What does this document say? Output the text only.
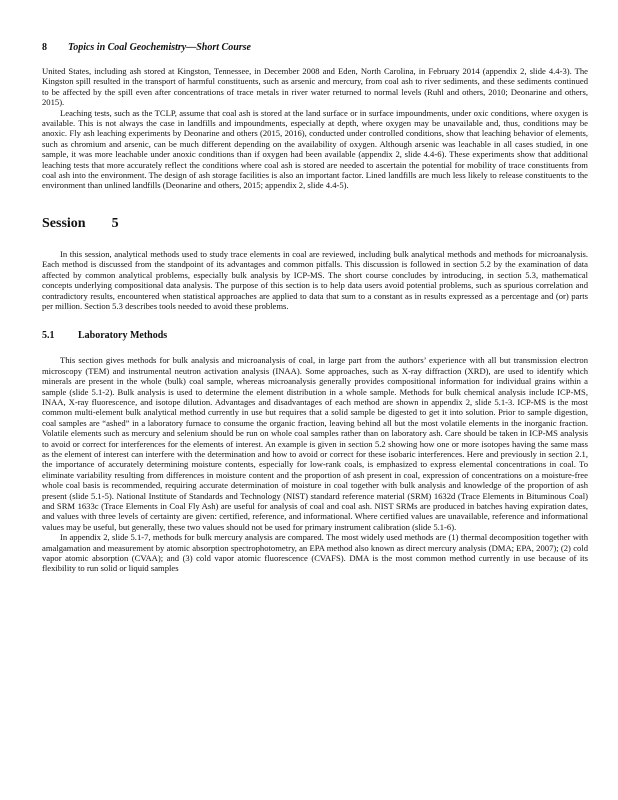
8 Topics in Coal Geochemistry—Short Course

United States, including ash stored at Kingston, Tennessee, in December 2008 and Eden, North Carolina, in February 2014 (appendix 2, slide 4.4-3). The Kingston spill resulted in the transport of harmful constituents, such as arsenic and mercury, from coal ash to river sediments, and these sediments continued to be affected by the spill even after concentrations of trace metals in river water returned to normal levels (Ruhl and others, 2010; Deonarine and others, 2015).

Leaching tests, such as the TCLP, assume that coal ash is stored at the land surface or in surface impoundments, under oxic conditions, where oxygen is available. This is not always the case in landfills and impoundments, especially at depth, where oxygen may be unavailable and, thus, conditions may be anoxic. Fly ash leaching experiments by Deonarine and others (2015, 2016), conducted under controlled conditions, show that leaching behavior of elements, such as chromium and arsenic, can be much different depending on the availability of oxygen. Although arsenic was leachable in all cases studied, in one sample, it was more leachable under anoxic conditions than if oxygen had been available (appendix 2, slide 4.4-6). These experiments show that additional leaching tests that more accurately reflect the conditions where coal ash is stored are needed to ascertain the potential for mobility of trace constituents from coal ash into the environment. The design of ash storage facilities is also an important factor. Lined landfills are much less likely to release constituents to the environment than unlined landfills (Deonarine and others, 2015; appendix 2, slide 4.4-5).

Session 5

In this session, analytical methods used to study trace elements in coal are reviewed, including bulk analytical methods and methods for microanalysis. Each method is discussed from the standpoint of its advantages and common pitfalls. This discussion is followed in section 5.2 by the examination of data affected by common analytical problems, especially bulk analysis by ICP-MS. The short course concludes by introducing, in section 5.3, mathematical concepts underlying compositional data analysis. The purpose of this section is to help data users avoid potential problems, such as spurious correlation and contradictory results, encountered when statistical approaches are applied to data that sum to a constant as in results expressed as a percentage and (or) parts per million. Section 5.3 describes tools needed to avoid these problems.

5.1 Laboratory Methods

This section gives methods for bulk analysis and microanalysis of coal, in large part from the authors’ experience with all but transmission electron microscopy (TEM) and instrumental neutron activation analysis (INAA). Some approaches, such as X-ray diffraction (XRD), are used to identify which minerals are present in the whole (bulk) coal sample, whereas microanalysis generally provides compositional information for individual grains within a sample (slide 5.1-2). Bulk analysis is used to determine the element distribution in a whole sample. Methods for bulk chemical analysis include ICP-MS, INAA, X-ray fluorescence, and isotope dilution. Advantages and disadvantages of each method are shown in appendix 2, slide 5.1-3. ICP-MS is the most common multi-element bulk analytical method currently in use but requires that a solid sample be digested to get it into solution. Prior to sample digestion, coal samples are “ashed” in a laboratory furnace to consume the organic fraction, leaving behind all but the most volatile elements in the inorganic fraction. Volatile elements such as mercury and selenium should be run on whole coal samples rather than on laboratory ash. Care should be taken in ICP-MS analysis to avoid or correct for interferences for the elements of interest. An example is given in section 5.2 showing how one or more isotopes having the same mass as the element of interest can interfere with the determination and how to avoid or correct for these isobaric interferences. Here and previously in section 2.1, the importance of accurately determining moisture contents, especially for low-rank coals, is emphasized to express elemental concentrations in coal. To eliminate variability resulting from differences in moisture content and the proportion of ash present in coal, expression of concentrations on a moisture-free whole coal basis is recommended, requiring accurate determination of moisture in coal together with bulk analysis and knowledge of the proportion of ash present (slide 5.1-5). National Institute of Standards and Technology (NIST) standard reference material (SRM) 1632d (Trace Elements in Bituminous Coal) and SRM 1633c (Trace Elements in Coal Fly Ash) are useful for analysis of coal and coal ash. NIST SRMs are produced in batches having expiration dates, and values with three levels of certainty are given: certified, reference, and informational. Where certified values are unavailable, reference and informational values may be useful, but generally, these two values should not be used for primary instrument calibration (slide 5.1-6).

In appendix 2, slide 5.1-7, methods for bulk mercury analysis are compared. The most widely used methods are (1) thermal decomposition together with amalgamation and measurement by atomic absorption spectrophotometry, an EPA method also known as direct mercury analysis (DMA; EPA, 2007); (2) cold vapor atomic absorption (CVAA); and (3) cold vapor atomic fluorescence (CVAFS). DMA is the most common method currently in use because of its flexibility to run solid or liquid samples
